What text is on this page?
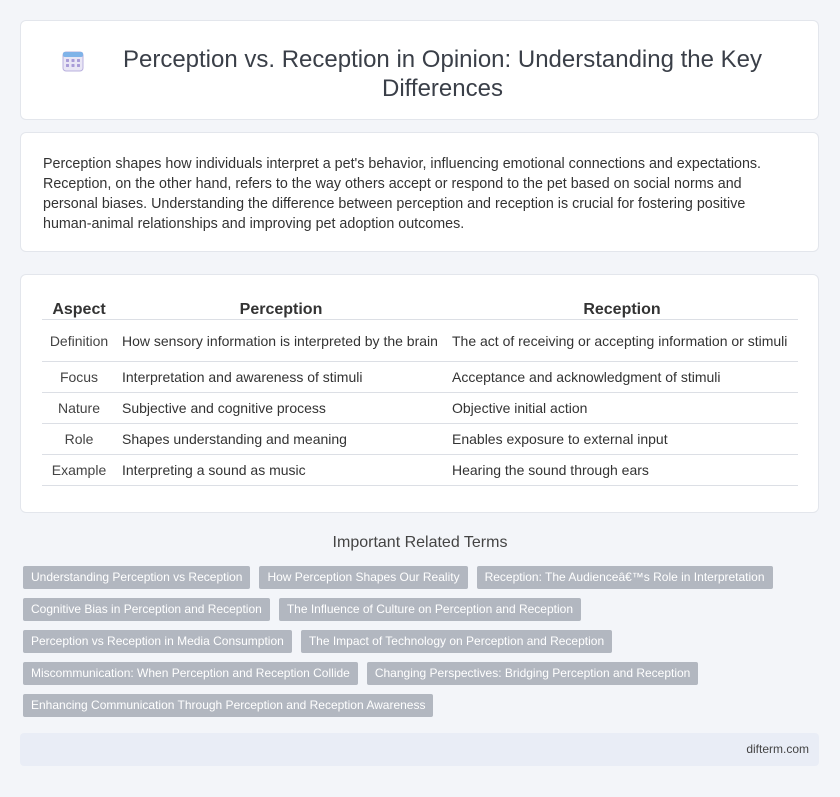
Perception vs. Reception in Opinion: Understanding the Key Differences

Perception shapes how individuals interpret a pet's behavior, influencing emotional connections and expectations. Reception, on the other hand, refers to the way others accept or respond to the pet based on social norms and personal biases. Understanding the difference between perception and reception is crucial for fostering positive human-animal relationships and improving pet adoption outcomes.

Aspect	Perception	Reception
Definition	How sensory information is interpreted by the brain	The act of receiving or accepting information or stimuli
Focus	Interpretation and awareness of stimuli	Acceptance and acknowledgment of stimuli
Nature	Subjective and cognitive process	Objective initial action
Role	Shapes understanding and meaning	Enables exposure to external input
Example	Interpreting a sound as music	Hearing the sound through ears
Important Related Terms
Understanding Perception vs Reception	How Perception Shapes Our Reality	Reception: The Audienceâ€™s Role in Interpretation
Cognitive Bias in Perception and Reception	The Influence of Culture on Perception and Reception
Perception vs Reception in Media Consumption	The Impact of Technology on Perception and Reception
Miscommunication: When Perception and Reception Collide	Changing Perspectives: Bridging Perception and Reception
Enhancing Communication Through Perception and Reception Awareness
difterm.com
